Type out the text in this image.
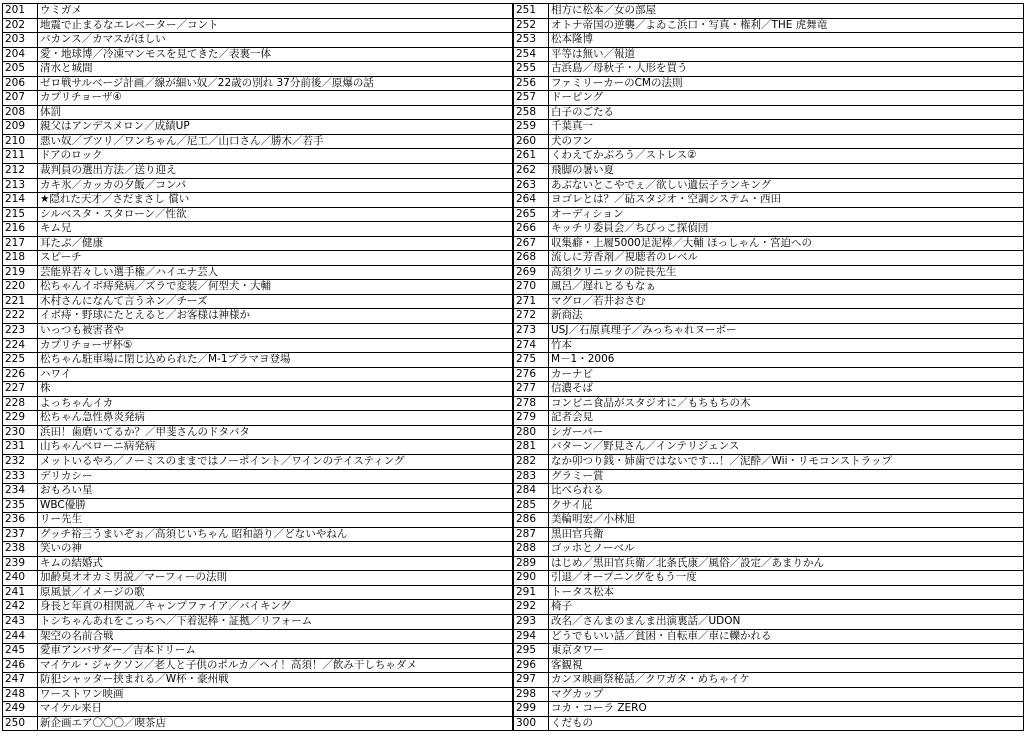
201	ウミガメ
202	地震で止まるなエレベーター／コント
203	バカンス／カマスがほしい
204	愛・地球博／冷凍マンモスを見てきた／表裏一体
205	清水と城間
206	ゼロ戦サルベージ計画／線が細い奴／22歳の別れ 37分前後／原爆の話
207	カプリチョーザ④
208	体罰
209	親父はアンデスメロン／成績UP
210	悪い奴／ブツリ／ワンちゃん／尼工／山口さん／勝木／若手
211	ドアのロック
212	裁判員の選出方法／送り迎え
213	カキ氷／カッカの夕飯／コンパ
214	★隠れた天才／さだまさし 償い
215	シルベスタ・スタローン／性欲
216	キム兄
217	耳たぶ／健康
218	スピーチ
219	芸能界若々しい選手権／ハイエナ芸人
220	松ちゃんイボ痔発病／ズラで変装／何型犬・大輔
221	木村さんになんて言うネン／チーズ
222	イボ痔・野球にたとえると／お客様は神様か
223	いっつも被害者や
224	カプリチョーザ杯⑤
225	松ちゃん駐車場に閉じ込められた／M-1ブラマヨ登場
226	ハワイ
227	株
228	よっちゃんイカ
229	松ちゃん急性鼻炎発病
230	浜田！歯磨いてるか？／甲斐さんのドタバタ
231	山ちゃんベローニ病発病
232	メットいるやろ／ノーミスのままではノーポイント／ワインのテイスティング
233	デリカシー
234	おもろい星
235	WBC優勝
236	リー先生
237	グッチ裕三うまいぞぉ／高須じいちゃん 昭和語り／どないやねん
238	笑いの神
239	キムの結婚式
240	加齢臭オオカミ男説／マーフィーの法則
241	原風景／イメージの歌
242	身長と年貢の相関説／キャンプファイア／バイキング
243	トシちゃんあれをこっちへ／下着泥棒・証拠／リフォーム
244	架空の名前合戦
245	愛車アンバサダー／吉本ドリーム
246	マイケル・ジャクソン／老人と子供のポルカ／ヘイ！高須！／飲み干しちゃダメ
247	防犯シャッター挟まれる／W杯・豪州戦
248	ワーストワン映画
249	マイケル来日
250	新企画エア〇〇〇／喫茶店
251	相方に松本／女の部屋
252	オトナ帝国の逆襲／よゐこ浜口・写真・権利／THE 虎舞竜
253	松本隆博
254	平等は無い／報道
255	古浜島／母秋子・人形を買う
256	ファミリーカーのCMの法則
257	ドーピング
258	白子のごたる
259	千葉真一
260	犬のフン
261	くわえてかぶろう／ストレス②
262	飛脚の暑い夏
263	あぶないとこやでぇ／欲しい遺伝子ランキング
264	ヨゴレとは？／砧スタジオ・空調システム・西田
265	オーディション
266	キッチリ委員会／ちびっこ探偵団
267	収集癖・上履5000足泥棒／大輔 ほっしゃん・宮迫への
268	流しに芳香剤／視聴者のレベル
269	高須クリニックの院長先生
270	風呂／遅れとるもなぁ
271	マグロ／若井おさむ
272	新商法
273	USJ／石原真理子／みっちゃれヌーボー
274	竹本
275	M－1・2006
276	カーナビ
277	信濃そば
278	コンビニ食品がスタジオに／もちもちの木
279	記者会見
280	シガーバー
281	バターン／野見さん／インテリジェンス
282	なか卯つり銭・姉歯ではないです…！／泥酔／Wii・リモコンストラップ
283	グラミー賞
284	比べられる
285	クサイ屁
286	美輪明宏／小林旭
287	黒田官兵衛
288	ゴッホとノーベル
289	はじめ／黒田官兵衛／北条氏康／風俗／設定／あまりかん
290	引退／オープニングをもう一度
291	トータス松本
292	椅子
293	改名／さんまのまんま出演裏話／UDON
294	どうでもいい話／貧困・自転車／車に轢かれる
295	東京タワー
296	客観視
297	カンヌ映画祭秘話／クワガタ・めちゃイケ
298	マグカップ
299	コカ・コーラ ZERO
300	くだもの
